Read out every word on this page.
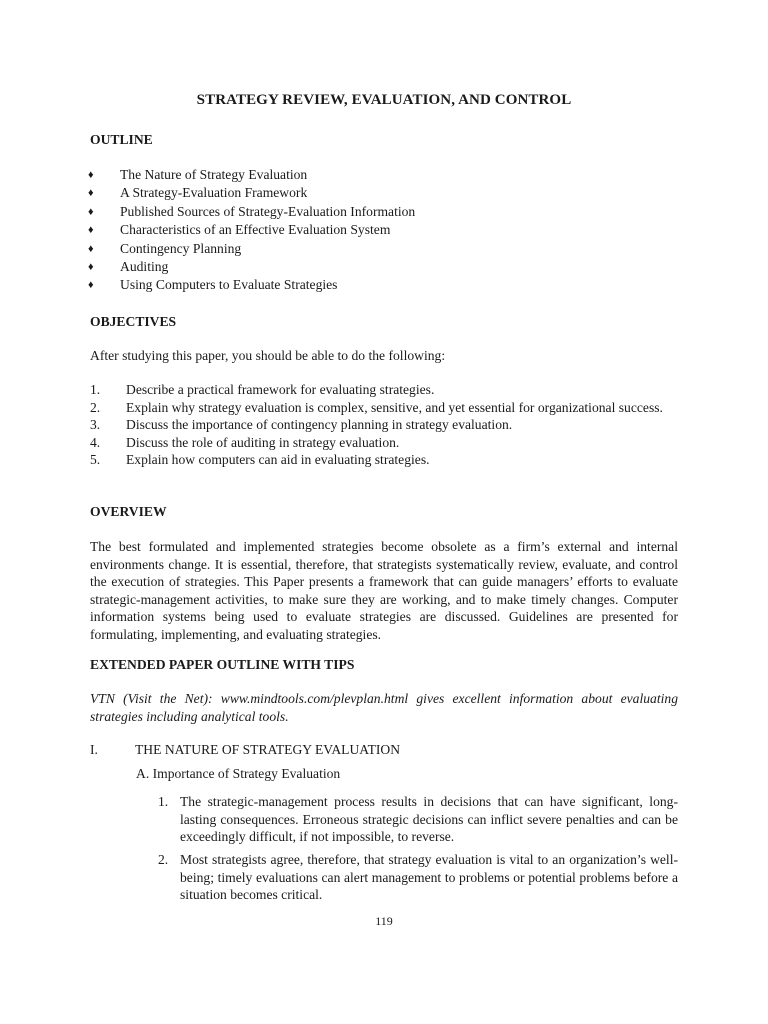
STRATEGY REVIEW, EVALUATION, AND CONTROL
OUTLINE
♦ The Nature of Strategy Evaluation
♦ A Strategy-Evaluation Framework
♦ Published Sources of Strategy-Evaluation Information
♦ Characteristics of an Effective Evaluation System
♦ Contingency Planning
♦ Auditing
♦ Using Computers to Evaluate Strategies
OBJECTIVES
After studying this paper, you should be able to do the following:
1. Describe a practical framework for evaluating strategies.
2. Explain why strategy evaluation is complex, sensitive, and yet essential for organizational success.
3. Discuss the importance of contingency planning in strategy evaluation.
4. Discuss the role of auditing in strategy evaluation.
5. Explain how computers can aid in evaluating strategies.
OVERVIEW
The best formulated and implemented strategies become obsolete as a firm’s external and internal environments change. It is essential, therefore, that strategists systematically review, evaluate, and control the execution of strategies. This Paper presents a framework that can guide managers’ efforts to evaluate strategic-management activities, to make sure they are working, and to make timely changes. Computer information systems being used to evaluate strategies are discussed. Guidelines are presented for formulating, implementing, and evaluating strategies.
EXTENDED PAPER OUTLINE WITH TIPS
VTN (Visit the Net): www.mindtools.com/plevplan.html gives excellent information about evaluating strategies including analytical tools.
I.	THE NATURE OF STRATEGY EVALUATION
A. Importance of Strategy Evaluation
1. The strategic-management process results in decisions that can have significant, long-lasting consequences. Erroneous strategic decisions can inflict severe penalties and can be exceedingly difficult, if not impossible, to reverse.
2. Most strategists agree, therefore, that strategy evaluation is vital to an organization’s well-being; timely evaluations can alert management to problems or potential problems before a situation becomes critical.
119
